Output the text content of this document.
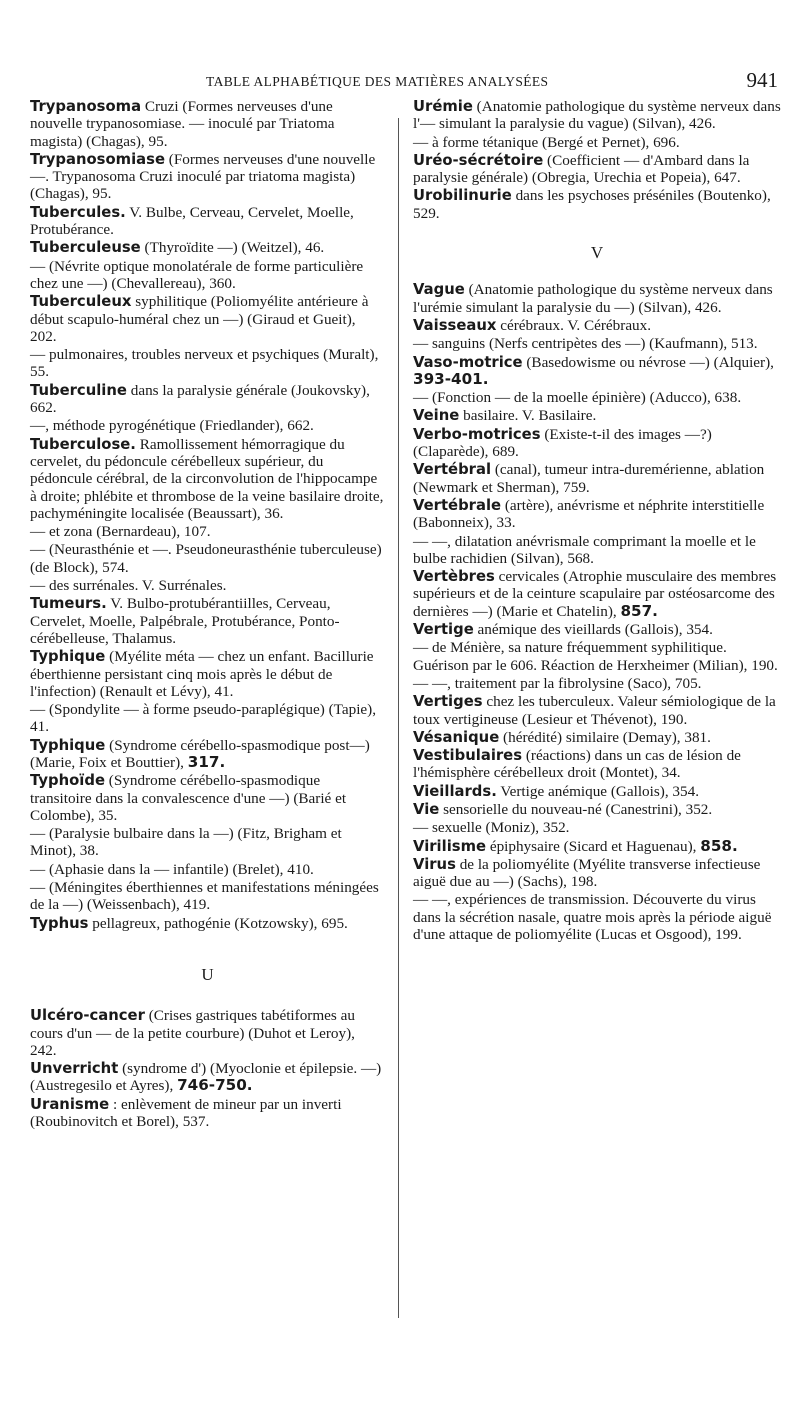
TABLE ALPHABÉTIQUE DES MATIÈRES ANALYSÉES	941

Trypanosoma Cruzi (Formes nerveuses d'une nouvelle trypanosomiase. — inoculé par Triatoma magista) (Chagas), 95.

Trypanosomiase (Formes nerveuses d'une nouvelle —. Trypanosoma Cruzi inoculé par triatoma magista) (Chagas), 95.

Tubercules. V. Bulbe, Cerveau, Cervelet, Moelle, Protubérance.

Tuberculeuse (Thyroïdite —) (Weitzel), 46.

— (Névrite optique monolatérale de forme particulière chez une —) (Chevallereau), 360.

Tuberculeux syphilitique (Poliomyélite antérieure à début scapulo-huméral chez un —) (Giraud et Gueit), 202.

— pulmonaires, troubles nerveux et psychiques (Muralt), 55.

Tuberculine dans la paralysie générale (Joukovsky), 662.

—, méthode pyrogénétique (Friedlander), 662.

Tuberculose. Ramollissement hémorragique du cervelet, du pédoncule cérébelleux supérieur, du pédoncule cérébral, de la circonvolution de l'hippocampe à droite; phlébite et thrombose de la veine basilaire droite, pachyméningite localisée (Beaussart), 36.

— et zona (Bernardeau), 107.

— (Neurasthénie et —. Pseudoneurasthénie tuberculeuse) (de Block), 574.

— des surrénales. V. Surrénales.

Tumeurs. V. Bulbo-protubérantiilles, Cerveau, Cervelet, Moelle, Palpébrale, Protubérance, Ponto-cérébelleuse, Thalamus.

Typhique (Myélite méta — chez un enfant. Bacillurie éberthienne persistant cinq mois après le début de l'infection) (Renault et Lévy), 41.

— (Spondylite — à forme pseudo-paraplégique) (Tapie), 41.

Typhique (Syndrome cérébello-spasmodique post—) (Marie, Foix et Bouttier), 317.

Typhoïde (Syndrome cérébello-spasmodique transitoire dans la convalescence d'une —) (Barié et Colombe), 35.

— (Paralysie bulbaire dans la —) (Fitz, Brigham et Minot), 38.

— (Aphasie dans la — infantile) (Brelet), 410.

— (Méningites éberthiennes et manifestations méningées de la —) (Weissenbach), 419.

Typhus pellagreux, pathogénie (Kotzowsky), 695.

U

Ulcéro-cancer (Crises gastriques tabétiformes au cours d'un — de la petite courbure) (Duhot et Leroy), 242.

Unverricht (syndrome d') (Myoclonie et épilepsie. —) (Austregesilo et Ayres), 746-750.

Uranisme : enlèvement de mineur par un inverti (Roubinovitch et Borel), 537.

Urémie (Anatomie pathologique du système nerveux dans l'— simulant la paralysie du vague) (Silvan), 426.

— à forme tétanique (Bergé et Pernet), 696.

Uréo-sécrétoire (Coefficient — d'Ambard dans la paralysie générale) (Obregia, Urechia et Popeia), 647.

Urobilinurie dans les psychoses préséniles (Boutenko), 529.

V

Vague (Anatomie pathologique du système nerveux dans l'urémie simulant la paralysie du —) (Silvan), 426.

Vaisseaux cérébraux. V. Cérébraux.

— sanguins (Nerfs centripètes des —) (Kaufmann), 513.

Vaso-motrice (Basedowisme ou névrose —) (Alquier), 393-401.

— (Fonction — de la moelle épinière) (Aducco), 638.

Veine basilaire. V. Basilaire.

Verbo-motrices (Existe-t-il des images —?) (Claparède), 689.

Vertébral (canal), tumeur intra-duremérienne, ablation (Newmark et Sherman), 759.

Vertébrale (artère), anévrisme et néphrite interstitielle (Babonneix), 33.

— —, dilatation anévrismale comprimant la moelle et le bulbe rachidien (Silvan), 568.

Vertèbres cervicales (Atrophie musculaire des membres supérieurs et de la ceinture scapulaire par ostéosarcome des dernières —) (Marie et Chatelin), 857.

Vertige anémique des vieillards (Gallois), 354.

— de Ménière, sa nature fréquemment syphilitique. Guérison par le 606. Réaction de Herxheimer (Milian), 190.

— —, traitement par la fibrolysine (Saco), 705.

Vertiges chez les tuberculeux. Valeur sémiologique de la toux vertigineuse (Lesieur et Thévenot), 190.

Vésanique (hérédité) similaire (Demay), 381.

Vestibulaires (réactions) dans un cas de lésion de l'hémisphère cérébelleux droit (Montet), 34.

Vieillards. Vertige anémique (Gallois), 354.

Vie sensorielle du nouveau-né (Canestrini), 352.

— sexuelle (Moniz), 352.

Virilisme épiphysaire (Sicard et Haguenau), 858.

Virus de la poliomyélite (Myélite transverse infectieuse aiguë due au —) (Sachs), 198.

— —, expériences de transmission. Découverte du virus dans la sécrétion nasale, quatre mois après la période aiguë d'une attaque de poliomyélite (Lucas et Osgood), 199.
